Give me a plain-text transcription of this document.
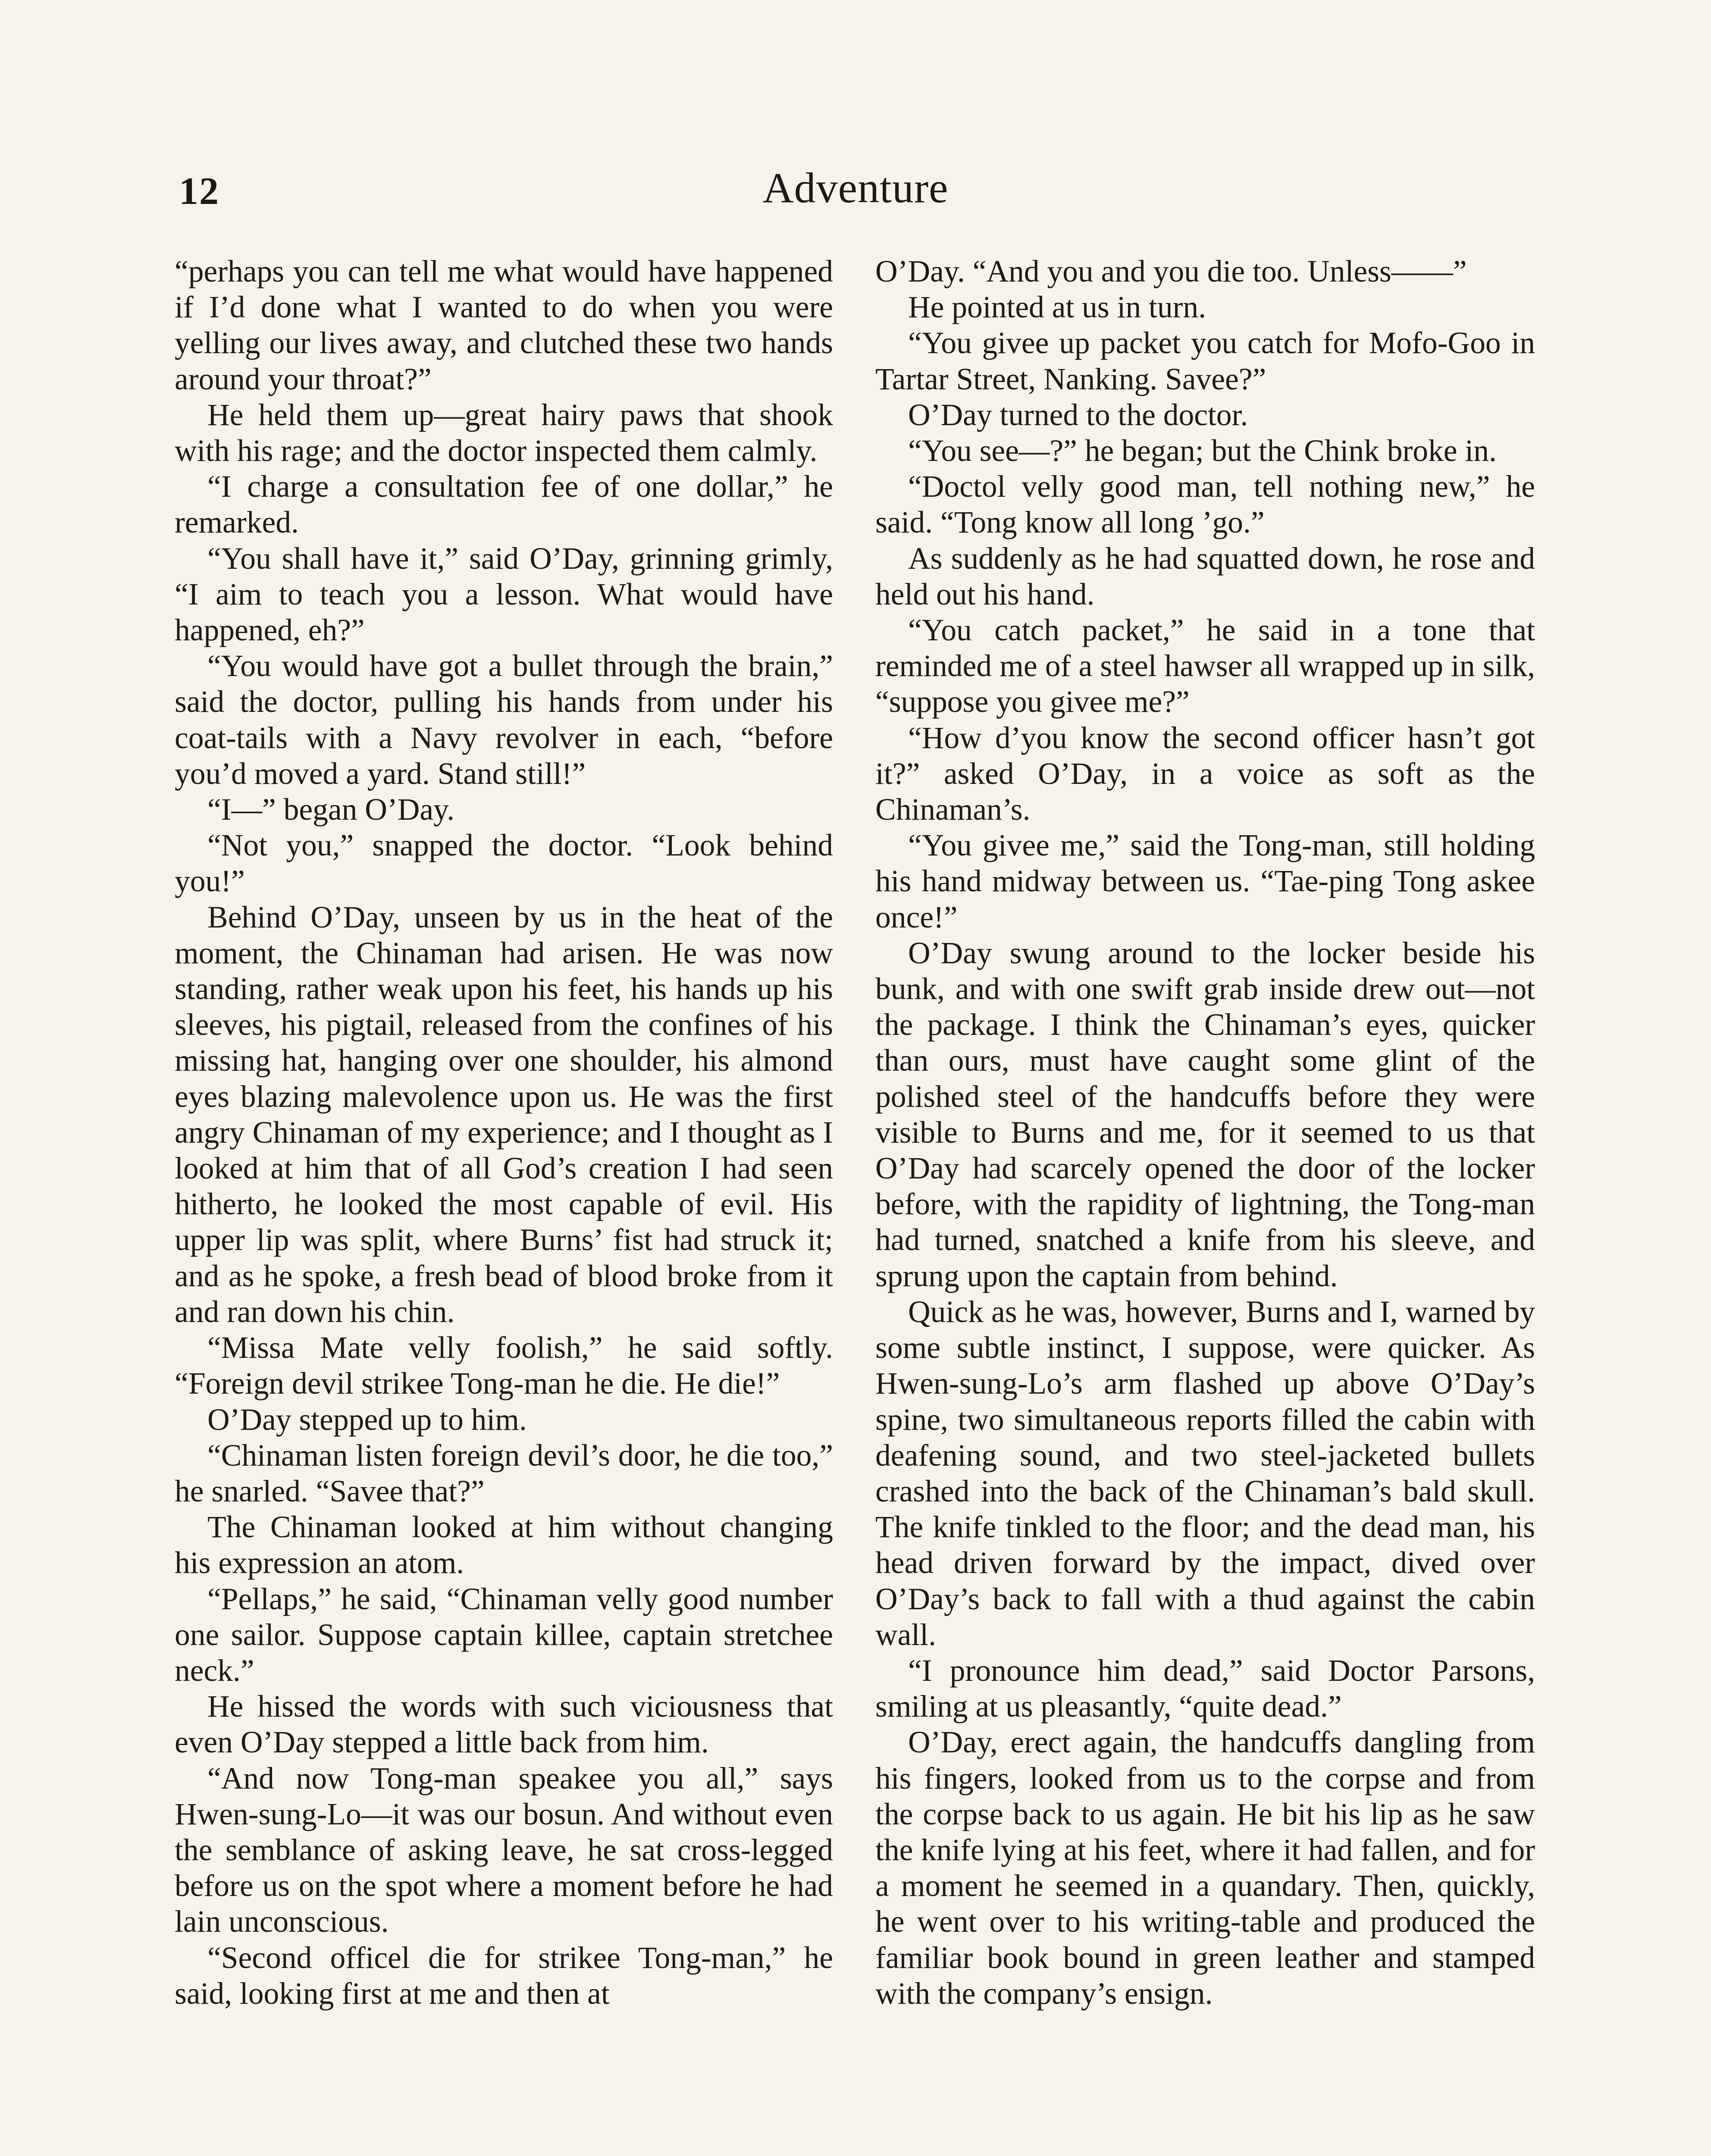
12	Adventure

“perhaps you can tell me what would have happened if I’d done what I wanted to do when you were yelling our lives away, and clutched these two hands around your throat?”

He held them up—great hairy paws that shook with his rage; and the doctor inspected them calmly.

“I charge a consultation fee of one dollar,” he remarked.

“You shall have it,” said O’Day, grinning grimly, “I aim to teach you a lesson. What would have happened, eh?”

“You would have got a bullet through the brain,” said the doctor, pulling his hands from under his coat-tails with a Navy revolver in each, “before you’d moved a yard. Stand still!”

“I—” began O’Day.

“Not you,” snapped the doctor. “Look behind you!”

Behind O’Day, unseen by us in the heat of the moment, the Chinaman had arisen. He was now standing, rather weak upon his feet, his hands up his sleeves, his pigtail, released from the confines of his missing hat, hanging over one shoulder, his almond eyes blazing malevolence upon us. He was the first angry Chinaman of my experience; and I thought as I looked at him that of all God’s creation I had seen hitherto, he looked the most capable of evil. His upper lip was split, where Burns’ fist had struck it; and as he spoke, a fresh bead of blood broke from it and ran down his chin.

“Missa Mate velly foolish,” he said softly. “Foreign devil strikee Tong-man he die. He die!”

O’Day stepped up to him.

“Chinaman listen foreign devil’s door, he die too,” he snarled. “Savee that?”

The Chinaman looked at him without changing his expression an atom.

“Pellaps,” he said, “Chinaman velly good number one sailor. Suppose captain killee, captain stretchee neck.”

He hissed the words with such viciousness that even O’Day stepped a little back from him.

“And now Tong-man speakee you all,” says Hwen-sung-Lo—it was our bosun. And without even the semblance of asking leave, he sat cross-legged before us on the spot where a moment before he had lain unconscious.

“Second officel die for strikee Tong-man,” he said, looking first at me and then at

O’Day. “And you and you die too. Unless——”

He pointed at us in turn.

“You givee up packet you catch for Mofo-Goo in Tartar Street, Nanking. Savee?”

O’Day turned to the doctor.

“You see—?” he began; but the Chink broke in.

“Doctol velly good man, tell nothing new,” he said. “Tong know all long ’go.”

As suddenly as he had squatted down, he rose and held out his hand.

“You catch packet,” he said in a tone that reminded me of a steel hawser all wrapped up in silk, “suppose you givee me?”

“How d’you know the second officer hasn’t got it?” asked O’Day, in a voice as soft as the Chinaman’s.

“You givee me,” said the Tong-man, still holding his hand midway between us. “Tae-ping Tong askee once!”

O’Day swung around to the locker beside his bunk, and with one swift grab inside drew out—not the package. I think the Chinaman’s eyes, quicker than ours, must have caught some glint of the polished steel of the handcuffs before they were visible to Burns and me, for it seemed to us that O’Day had scarcely opened the door of the locker before, with the rapidity of lightning, the Tong-man had turned, snatched a knife from his sleeve, and sprung upon the captain from behind.

Quick as he was, however, Burns and I, warned by some subtle instinct, I suppose, were quicker. As Hwen-sung-Lo’s arm flashed up above O’Day’s spine, two simultaneous reports filled the cabin with deafening sound, and two steel-jacketed bullets crashed into the back of the Chinaman’s bald skull. The knife tinkled to the floor; and the dead man, his head driven forward by the impact, dived over O’Day’s back to fall with a thud against the cabin wall.

“I pronounce him dead,” said Doctor Parsons, smiling at us pleasantly, “quite dead.”

O’Day, erect again, the handcuffs dangling from his fingers, looked from us to the corpse and from the corpse back to us again. He bit his lip as he saw the knife lying at his feet, where it had fallen, and for a moment he seemed in a quandary. Then, quickly, he went over to his writing-table and produced the familiar book bound in green leather and stamped with the company’s ensign.
